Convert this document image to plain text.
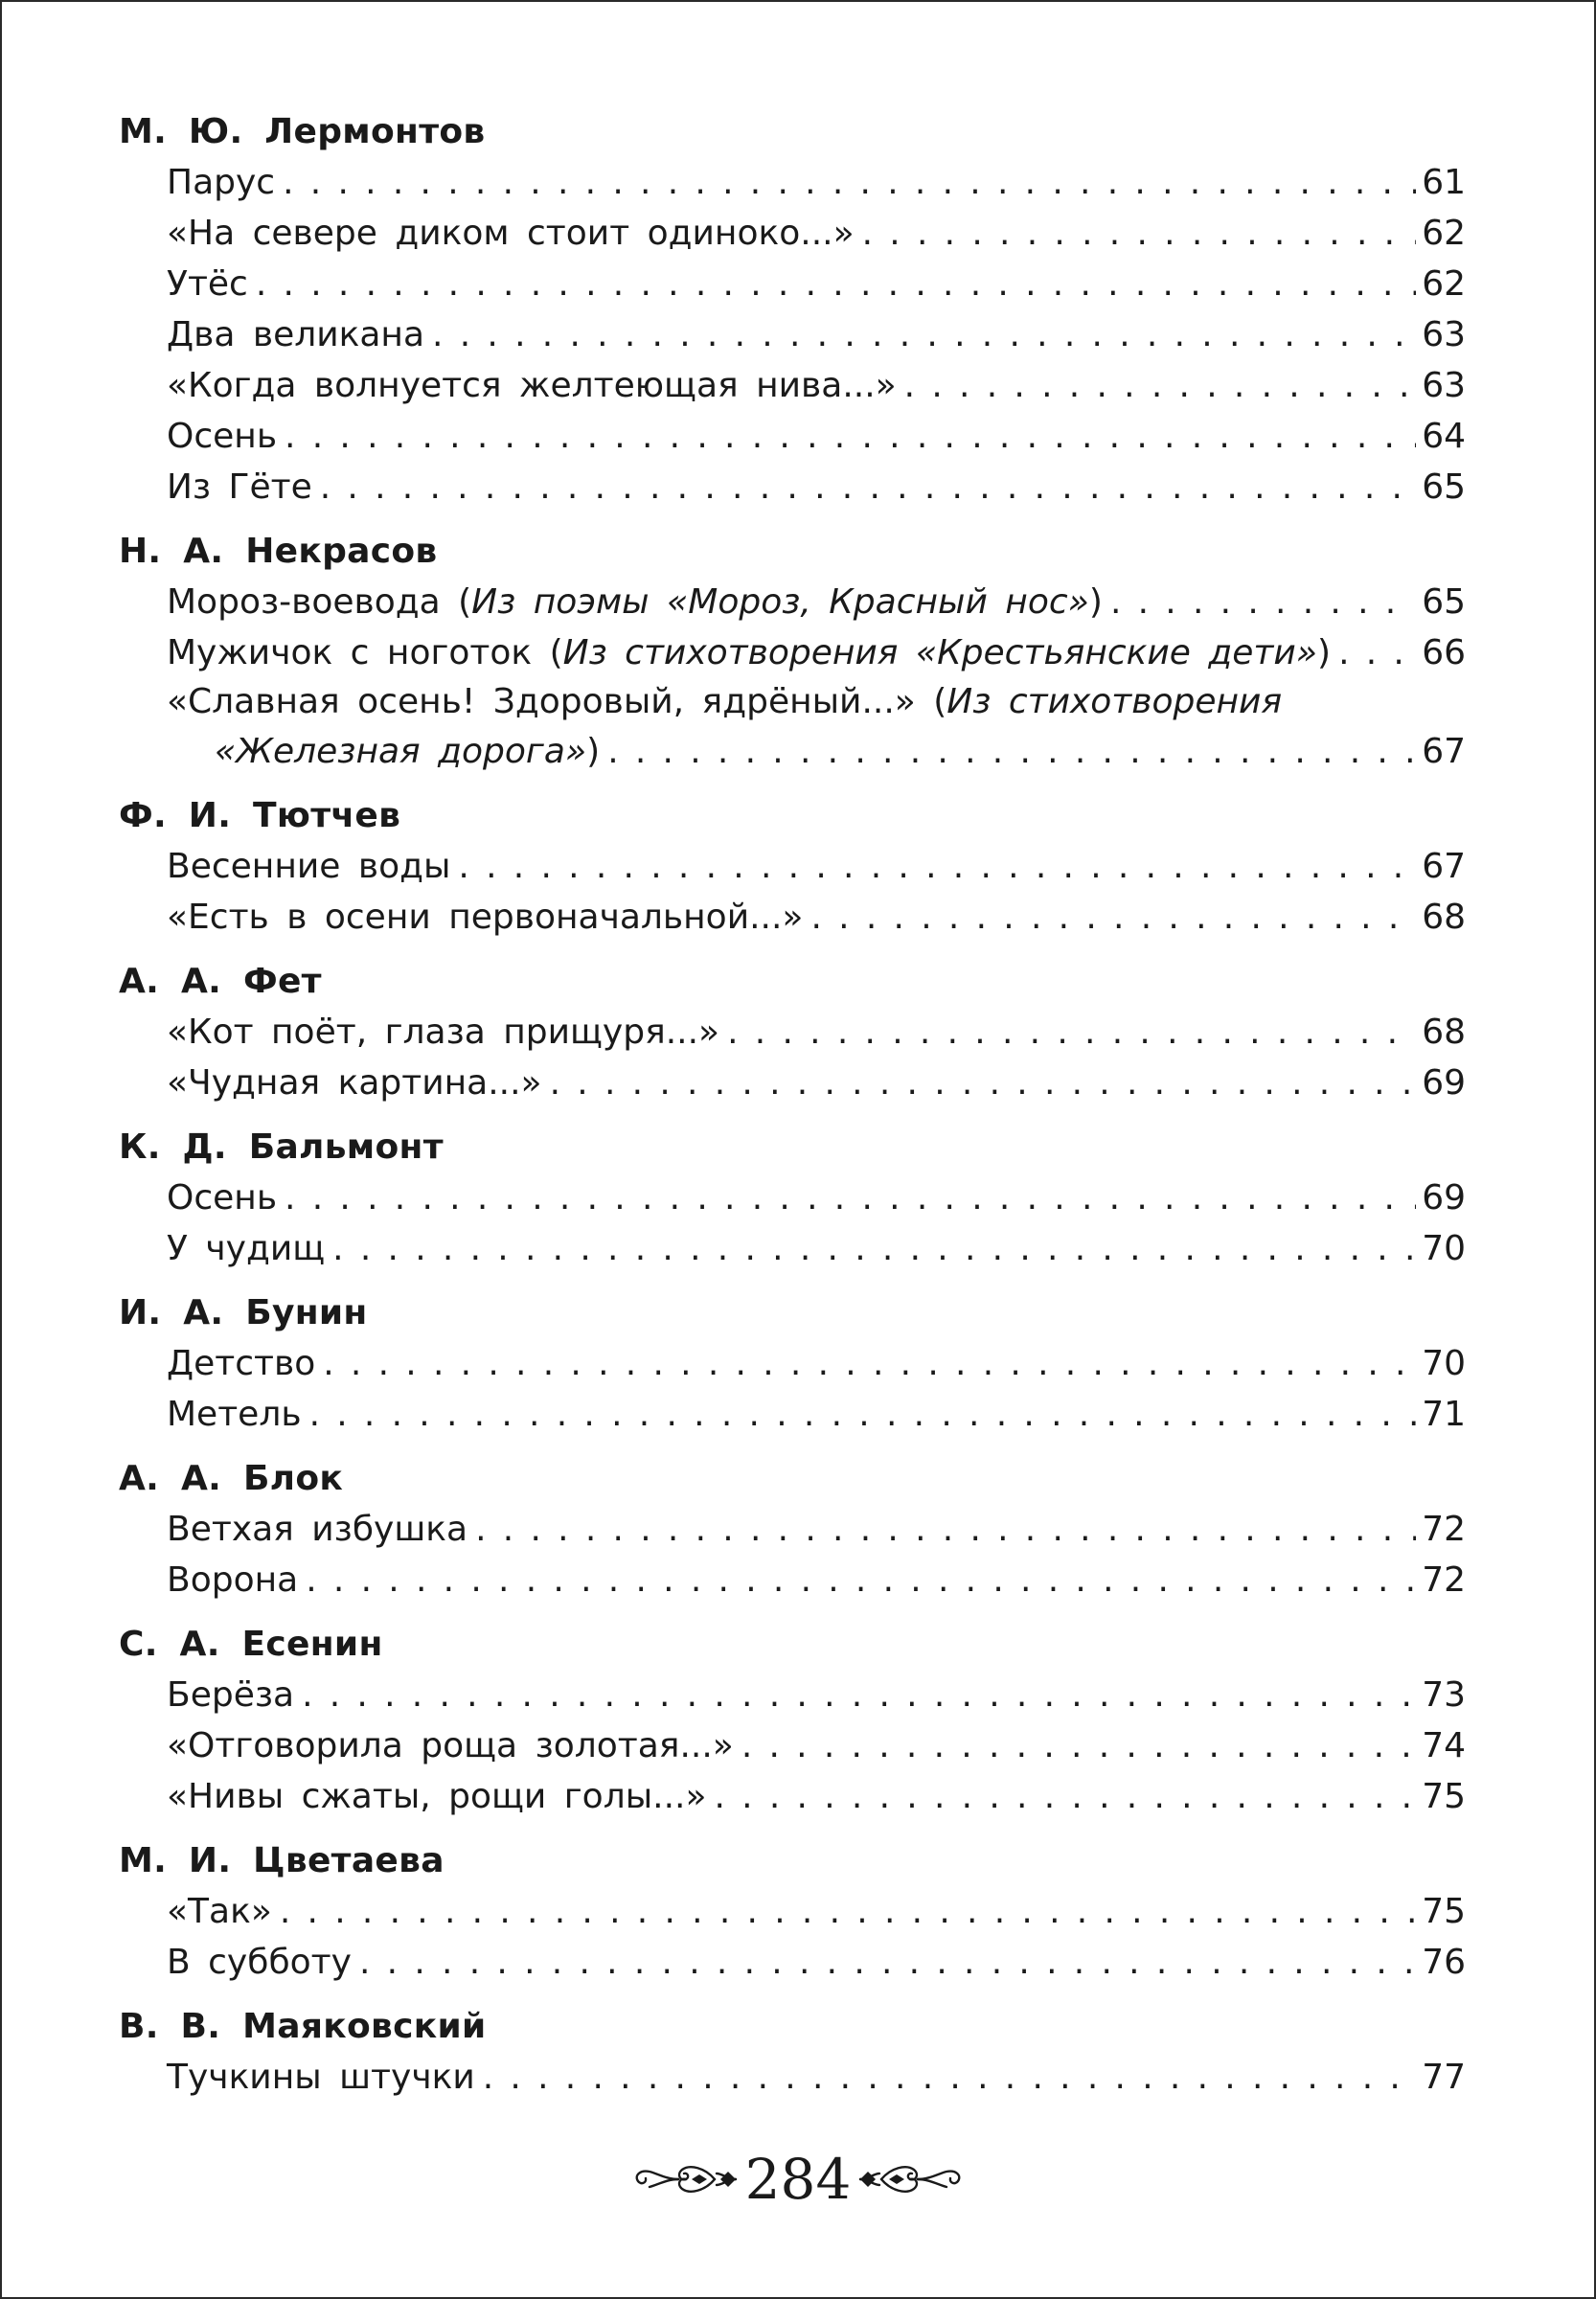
М. Ю. Лермонтов
Парус . . .	61
«На севере диком стоит одиноко...» . . .	62
Утёс . . .	62
Два великана . . .	63
«Когда волнуется желтеющая нива...» . . .	63
Осень . . .	64
Из Гёте . . .	65
Н. А. Некрасов
Мороз-воевода ( Из поэмы «Мороз, Красный нос» ) . . .	65
Мужичок с ноготок ( Из стихотворения «Крестьянские дети» ) . . .	66
«Славная осень! Здоровый, ядрёный...» (Из стихотворения
«Железная дорога» ) . . .	67
Ф. И. Тютчев
Весенние воды . . .	67
«Есть в осени первоначальной...» . . .	68
А. А. Фет
«Кот поёт, глаза прищуря...» . . .	68
«Чудная картина...» . . .	69
К. Д. Бальмонт
Осень . . .	69
У чудищ . . .	70
И. А. Бунин
Детство . . .	70
Метель . . .	71
А. А. Блок
Ветхая избушка . . .	72
Ворона . . .	72
С. А. Есенин
Берёза . . .	73
«Отговорила роща золотая...» . . .	74
«Нивы сжаты, рощи голы...» . . .	75
М. И. Цветаева
«Так» . . .	75
В субботу . . .	76
В. В. Маяковский
Тучкины штучки . . .	77
284
